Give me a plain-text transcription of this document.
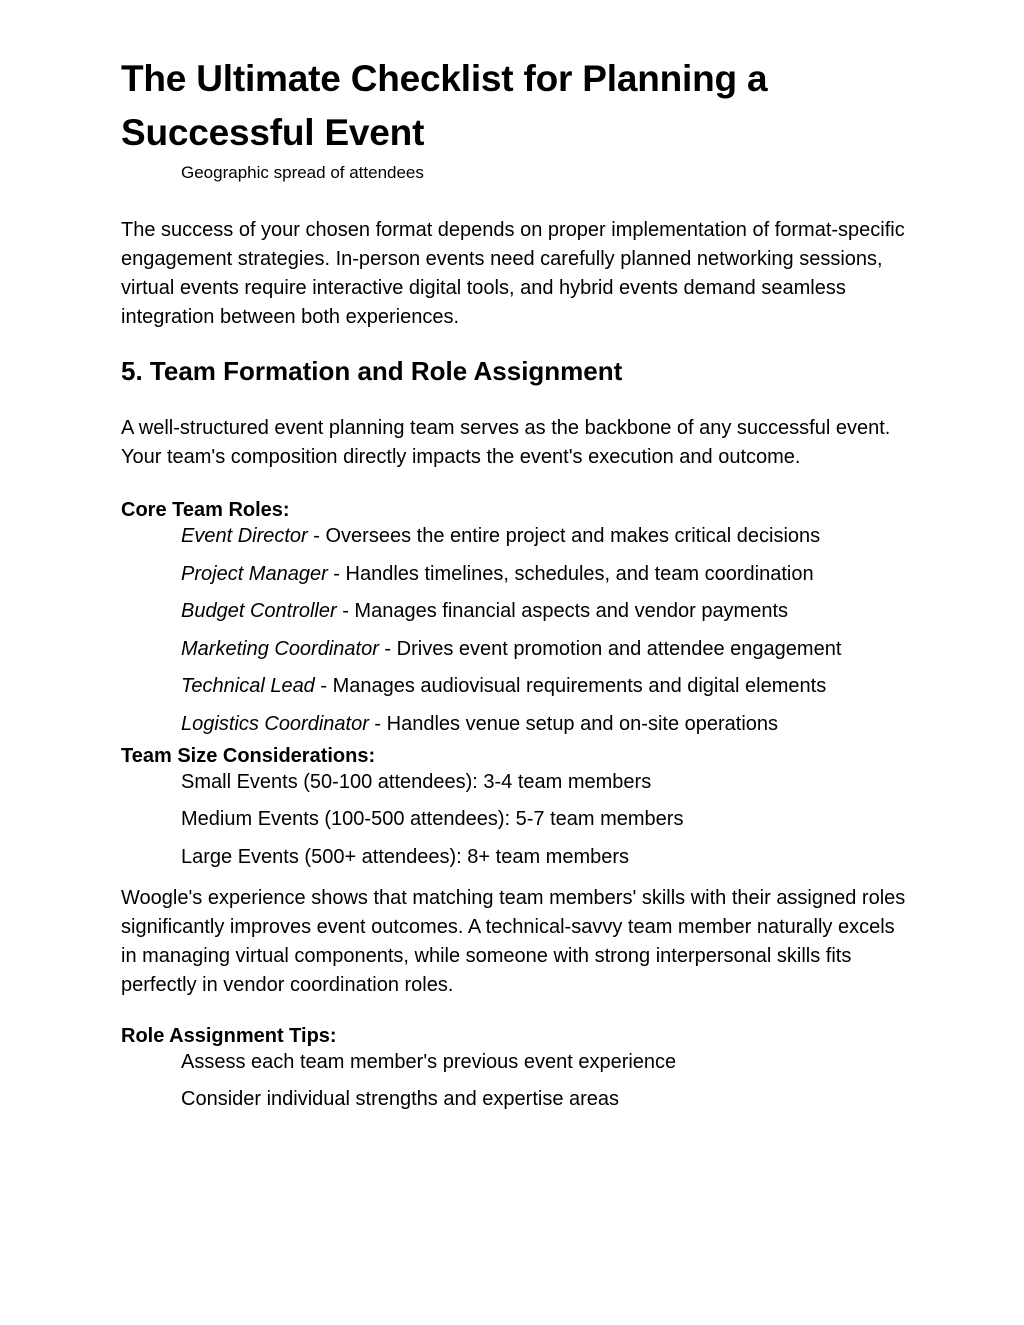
The Ultimate Checklist for Planning a Successful Event
Geographic spread of attendees

The success of your chosen format depends on proper implementation of format-specific engagement strategies. In-person events need carefully planned networking sessions, virtual events require interactive digital tools, and hybrid events demand seamless integration between both experiences.

5. Team Formation and Role Assignment

A well-structured event planning team serves as the backbone of any successful event. Your team's composition directly impacts the event's execution and outcome.

Core Team Roles:
Event Director - Oversees the entire project and makes critical decisions
Project Manager - Handles timelines, schedules, and team coordination
Budget Controller - Manages financial aspects and vendor payments
Marketing Coordinator - Drives event promotion and attendee engagement
Technical Lead - Manages audiovisual requirements and digital elements
Logistics Coordinator - Handles venue setup and on-site operations
Team Size Considerations:
Small Events (50-100 attendees): 3-4 team members
Medium Events (100-500 attendees): 5-7 team members
Large Events (500+ attendees): 8+ team members

Woogle's experience shows that matching team members' skills with their assigned roles significantly improves event outcomes. A technical-savvy team member naturally excels in managing virtual components, while someone with strong interpersonal skills fits perfectly in vendor coordination roles.

Role Assignment Tips:
Assess each team member's previous event experience
Consider individual strengths and expertise areas
